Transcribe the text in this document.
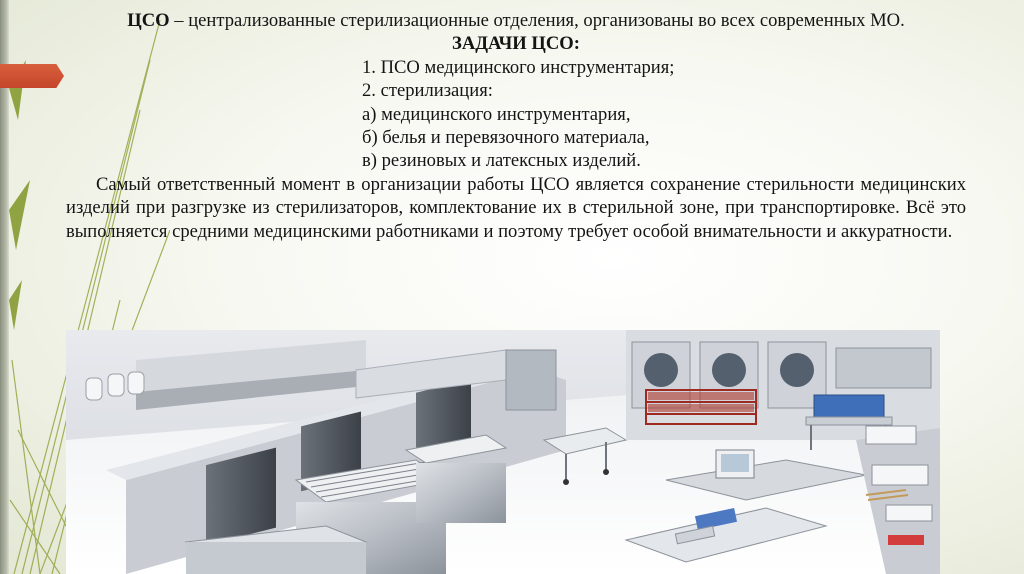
ЦСО – централизованные стерилизационные отделения, организованы во всех современных МО.

ЗАДАЧИ ЦСО:

1. ПСО медицинского инструментария;

2. стерилизация:

а) медицинского инструментария,

б) белья и перевязочного материала,

в) резиновых и латексных изделий.

Самый ответственный момент в организации работы ЦСО является сохранение стерильности медицинских изделий при разгрузке из стерилизаторов, комплектование их в стерильной зоне, при транспортировке. Всё это выполняется средними медицинскими работниками и поэтому требует особой внимательности и аккуратности.
